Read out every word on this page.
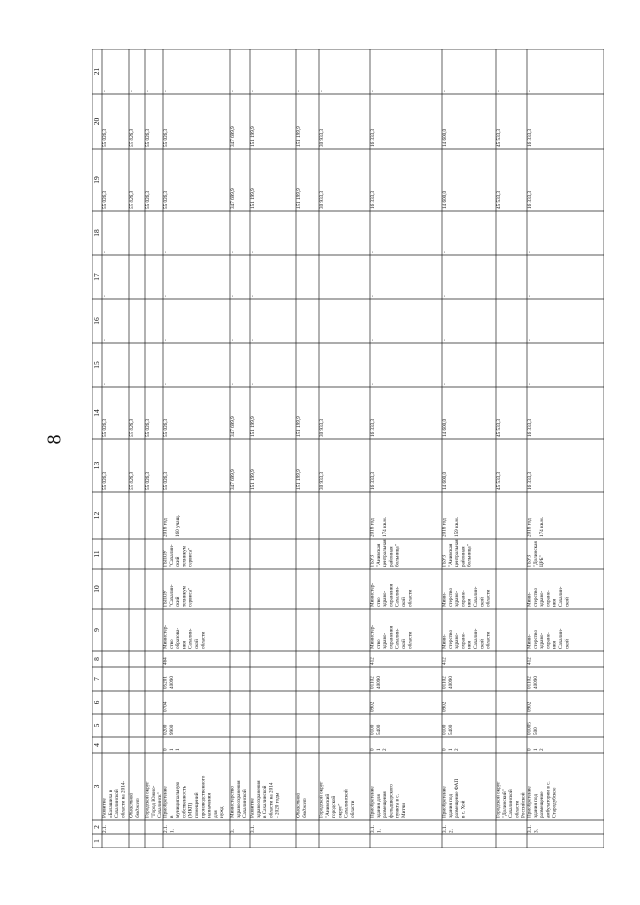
8
1
2
3
4
5
6
7
8
9
10
11
12
13
14
15
16
17
18
19
20
21
2.1.
Развитие «Балашиха в Сахалинской области на 2014-
55 026,3
55 026,3
-
-
-
-
55 026,3
55 026,3
-
Областной бюджет
55 026,3
55 026,3
55 026,3
55 026,3
-
Городской округ "Город Южно- Сахалинск"
55 026,3
55 026,3
55 026,3
55 026,3
-
2.1. 1.
Приобретение в муниципальную собственность (МКП) помещений производственного назначения для нужд
0 1 1
0200 9900
0704
05201 40090
464
Министер- ство образова- ния Сахалин- ской области
ГБПОУ "Сахалин- ский техникум сервиса"
ГБПОУ "Сахалин- ский техникум сервиса"
2018 год 160 учащ.
55 026,3
55 026,3
-
-
-
-
55 026,3
55 026,3
-
3.
Министерство здравоохранения Сахалинской
347 699,9
347 699,9
-
-
-
-
347 699,9
347 699,9
-
3.1.
Развитие здравоохранения в Сахалинской области на 2014 - 2020 годы
151 199,9
151 199,9
-
-
-
-
151 199,9
151 199,9
-
Областной бюджет
151 199,9
151 199,9
151 199,9
151 199,9
-
Городской округ "Анивский городской округ" Сахалинской области
30 933,3
30 933,3
30 933,3
30 933,3
-
3.1. 1.
Приобретение здания для размещения фельдшерского пункта в с. Митчи
0 1 2
0100 5400
0902
01102 40090
412
Министер- ство здраво- охранения Сахалин- ской области
Министер- ство здраво- охранения Сахалин- ской области
ГБУЗ "Анивская центральная районная больница"
2018 год 174 кв.м.
16 333,3
16 333,3
-
-
-
-
16 333,3
16 333,3
-
3.1. 2.
Приобретение здания под размещение ФАП в с. Хой
0 1 2
0100 5400
0902
01102 40090
412
Мини- стерство здраво- охране- ния Сахалин- ской области
Мини- стерство здраво- охране- ния Сахалин- ской области
ГБУЗ "Анивская центральная районная больница"
2018 год 159 кв.м.
14 600,0
14 600,0
-
-
-
-
14 600,0
14 600,0
-
Городской округ "Долинский" Сахалинской области Российской
45 533,3
45 533,3
45 533,3
45 533,3
-
3.1. 3.
Приобретение здания под размещение амбулатории в с. Стародубское
0 1 2
01005 500
0902
01102 40090
412
Мини- стерство здраво- охране- ния Сахалин- ской
Мини- стерство здраво- охране- ния Сахалин- ской
ГБУЗ "Долинская ЦРБ"
2018 год 174 кв.м.
16 333,3
16 333,3
-
-
-
-
16 333,3
16 333,3
-
